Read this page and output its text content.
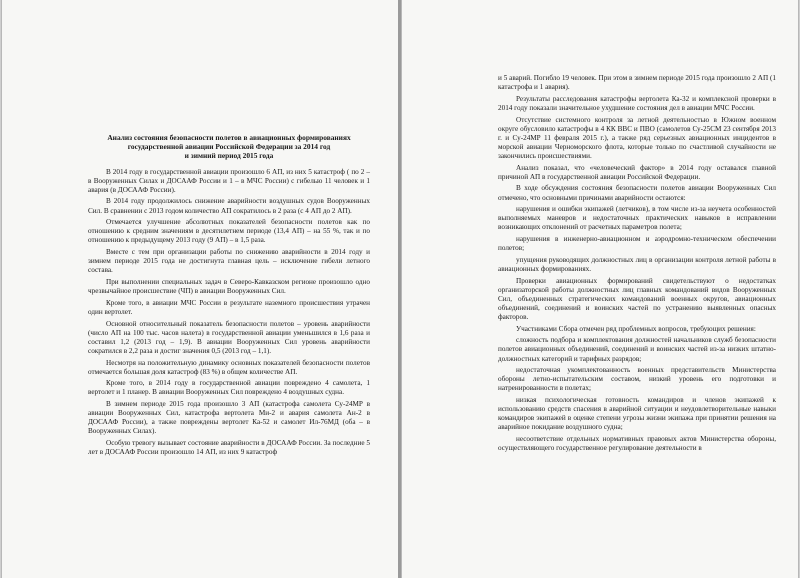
Анализ состояния безопасности полетов в авиационных формированиях
государственной авиации Российской Федерации за 2014 год
и зимний период 2015 года

В 2014 году в государственной авиации произошло 6 АП, из них 5 катастроф ( по 2 – в Вооруженных Силах и ДОСААФ России и 1 – в МЧС России) с гибелью 11 человек и 1 авария (в ДОСААФ России).

В 2014 году продолжилось снижение аварийности воздушных судов Вооруженных Сил. В сравнении с 2013 годом количество АП сократилось в 2 раза (с 4 АП до 2 АП).

Отмечается улучшение абсолютных показателей безопасности полетов как по отношению к средним значениям в десятилетнем периоде (13,4 АП) – на 55 %, так и по отношению к предыдущему 2013 году (9 АП) – в 1,5 раза.

Вместе с тем при организации работы по снижению аварийности в 2014 году и зимнем периоде 2015 года не достигнута главная цель – исключение гибели летного состава.

При выполнении специальных задач в Северо-Кавказском регионе произошло одно чрезвычайное происшествие (ЧП) в авиации Вооруженных Сил.

Кроме того, в авиации МЧС России в результате наземного происшествия утрачен один вертолет.

Основной относительный показатель безопасности полетов – уровень аварийности (число АП на 100 тыс. часов налета) в государственной авиации уменьшился в 1,6 раза и составил 1,2 (2013 год – 1,9). В авиации Вооруженных Сил уровень аварийности сократился в 2,2 раза и достиг значения 0,5 (2013 год – 1,1).

Несмотря на положительную динамику основных показателей безопасности полетов отмечается большая доля катастроф (83 %) в общем количестве АП.

Кроме того, в 2014 году в государственной авиации повреждено 4 самолета, 1 вертолет и 1 планер. В авиации Вооруженных Сил повреждено 4 воздушных судна.

В зимнем периоде 2015 года произошло 3 АП (катастрофа самолета Су-24МР в авиации Вооруженных Сил, катастрофа вертолета Ми-2 и авария самолета Ан-2 в ДОСААФ России), а также повреждены вертолет Ка-52 и самолет Ил-76МД (оба – в Вооруженных Силах).

Особую тревогу вызывает состояние аварийности в ДОСААФ России. За последние 5 лет в ДОСААФ России произошло 14 АП, из них 9 катастроф

и 5 аварий. Погибло 19 человек. При этом в зимнем периоде 2015 года произошло 2 АП (1 катастрофа и 1 авария).

Результаты расследования катастрофы вертолета Ка-32 и комплексной проверки в 2014 году показали значительное ухудшение состояния дел в авиации МЧС России.

Отсутствие системного контроля за летной деятельностью в Южном военном округе обусловило катастрофы в 4 КК ВВС и ПВО (самолетов Су-25СМ 23 сентября 2013 г. и Су-24МР 11 февраля 2015 г.), а также ряд серьезных авиационных инцидентов в морской авиации Черноморского флота, которые только по счастливой случайности не закончились происшествиями.

Анализ показал, что «человеческий фактор» в 2014 году оставался главной причиной АП в государственной авиации Российской Федерации.

В ходе обсуждения состояния безопасности полетов авиации Вооруженных Сил отмечено, что основными причинами аварийности остаются:

нарушения и ошибки экипажей (летчиков), в том числе из-за неучета особенностей выполняемых маневров и недостаточных практических навыков в исправлении возникающих отклонений от расчетных параметров полета;

нарушения в инженерно-авиационном и аэродромно-техническом обеспечении полетов;

упущения руководящих должностных лиц в организации контроля летной работы в авиационных формированиях.

Проверки авиационных формирований свидетельствуют о недостатках организаторской работы должностных лиц главных командований видов Вооруженных Сил, объединенных стратегических командований военных округов, авиационных объединений, соединений и воинских частей по устранению выявленных опасных факторов.

Участниками Сбора отмечен ряд проблемных вопросов, требующих решения:

сложность подбора и комплектования должностей начальников служб безопасности полетов авиационных объединений, соединений и воинских частей из-за низких штатно-должностных категорий и тарифных разрядов;

недостаточная укомплектованность военных представительств Министерства обороны летно-испытательским составом, низкий уровень его подготовки и натренированности в полетах;

низкая психологическая готовность командиров и членов экипажей к использованию средств спасения в аварийной ситуации и неудовлетворительные навыки командиров экипажей в оценке степени угрозы жизни экипажа при принятии решения на аварийное покидание воздушного судна;

несоответствие отдельных нормативных правовых актов Министерства обороны, осуществляющего государственное регулирование деятельности в
